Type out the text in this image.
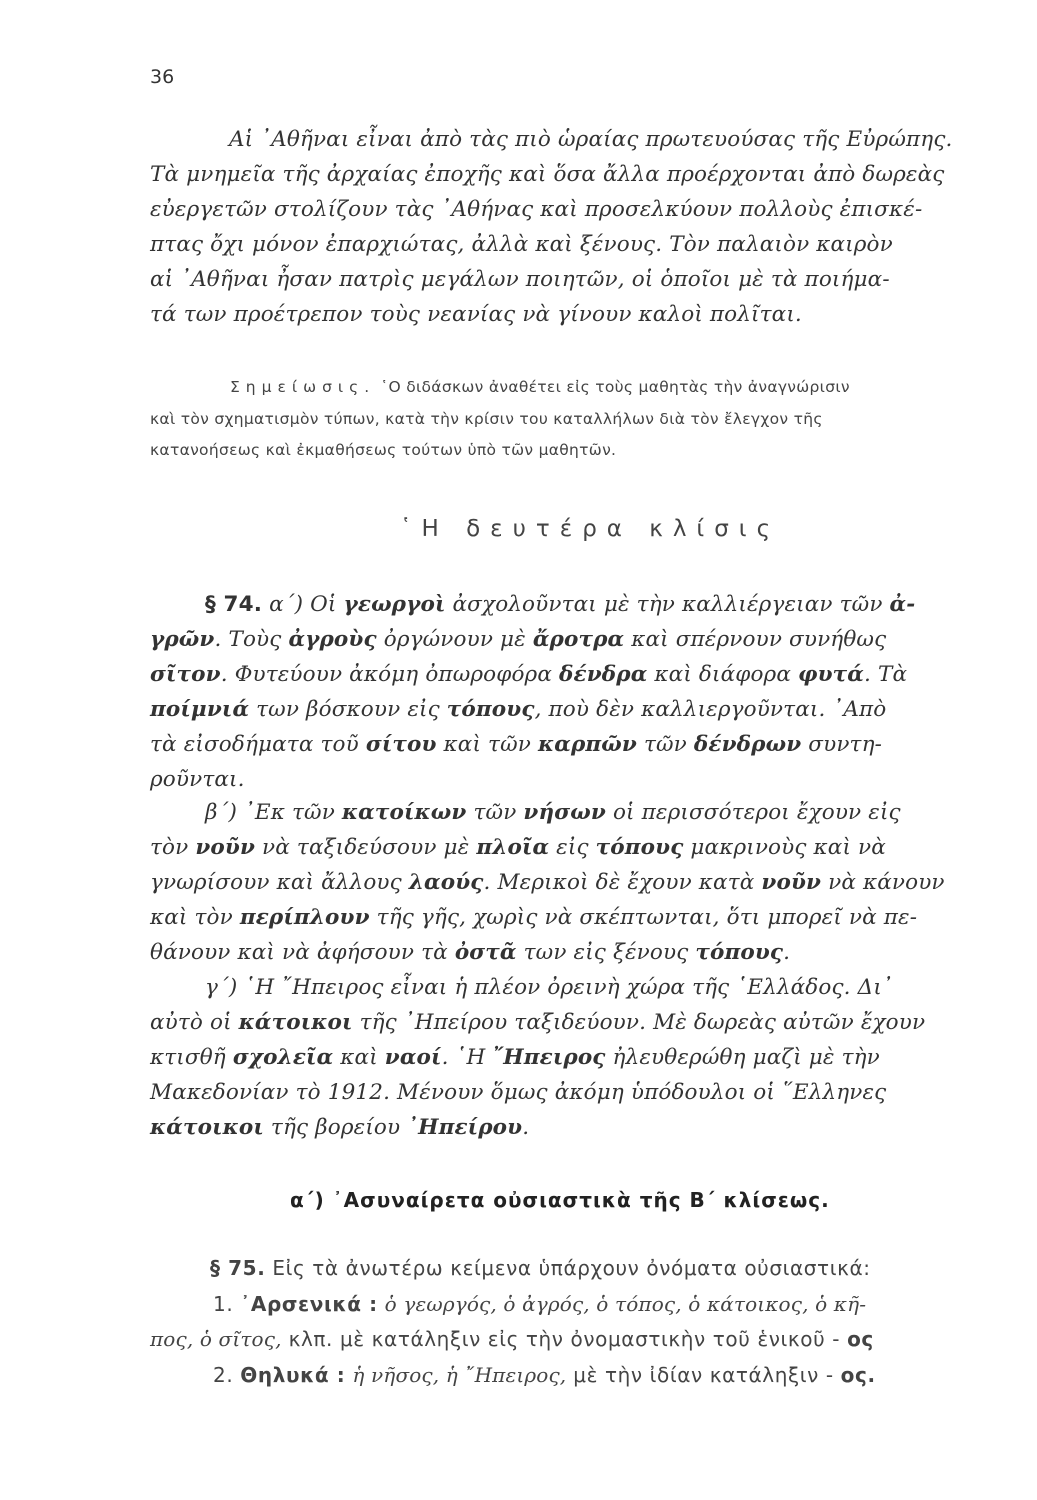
36
Αἱ ᾿Αθῆναι εἶναι ἀπὸ τὰς πιὸ ὡραίας πρωτευούσας τῆς Εὐρώπης.
Τὰ μνημεῖα τῆς ἀρχαίας ἐποχῆς καὶ ὅσα ἄλλα προέρχονται ἀπὸ δωρεὰς
εὐεργετῶν στολίζουν τὰς ᾿Αθήνας καὶ προσελκύουν πολλοὺς ἐπισκέ-
πτας ὄχι μόνον ἐπαρχιώτας, ἀλλὰ καὶ ξένους. Τὸν παλαιὸν καιρὸν
αἱ ᾿Αθῆναι ἦσαν πατρὶς μεγάλων ποιητῶν, οἱ ὁποῖοι μὲ τὰ ποιήμα-
τά των προέτρεπον τοὺς νεανίας νὰ γίνουν καλοὶ πολῖται.
Σημείωσις. ῾Ο διδάσκων ἀναθέτει εἰς τοὺς μαθητὰς τὴν ἀναγνώρισιν
καὶ τὸν σχηματισμὸν τύπων, κατὰ τὴν κρίσιν του καταλλήλων διὰ τὸν ἔλεγχον τῆς
κατανοήσεως καὶ ἐκμαθήσεως τούτων ὑπὸ τῶν μαθητῶν.
῾Η δευτέρα κλίσις
§ 74. α΄) Οἱ γεωργοὶ ἀσχολοῦνται μὲ τὴν καλλιέργειαν τῶν ἀ-
γρῶν. Τοὺς ἀγροὺς ὀργώνουν μὲ ἄροτρα καὶ σπέρνουν συνήθως
σῖτον. Φυτεύουν ἀκόμη ὀπωροφόρα δένδρα καὶ διάφορα φυτά. Τὰ
ποίμνιά των βόσκουν εἰς τόπους, ποὺ δὲν καλλιεργοῦνται. ᾿Απὸ
τὰ εἰσοδήματα τοῦ σίτου καὶ τῶν καρπῶν τῶν δένδρων συντη-
ροῦνται.
β΄) ᾿Εκ τῶν κατοίκων τῶν νήσων οἱ περισσότεροι ἔχουν εἰς
τὸν νοῦν νὰ ταξιδεύσουν μὲ πλοῖα εἰς τόπους μακρινοὺς καὶ νὰ
γνωρίσουν καὶ ἄλλους λαούς. Μερικοὶ δὲ ἔχουν κατὰ νοῦν νὰ κάνουν
καὶ τὸν περίπλουν τῆς γῆς, χωρὶς νὰ σκέπτωνται, ὅτι μπορεῖ νὰ πε-
θάνουν καὶ νὰ ἀφήσουν τὰ ὀστᾶ των εἰς ξένους τόπους.
γ΄) ῾Η ῎Ηπειρος εἶναι ἡ πλέον ὀρεινὴ χώρα τῆς ῾Ελλάδος. Δι᾿
αὐτὸ οἱ κάτοικοι τῆς ᾿Ηπείρου ταξιδεύουν. Μὲ δωρεὰς αὐτῶν ἔχουν
κτισθῆ σχολεῖα καὶ ναοί. ῾Η ῎Ηπειρος ἠλευθερώθη μαζὶ μὲ τὴν
Μακεδονίαν τὸ 1912. Μένουν ὅμως ἀκόμη ὑπόδουλοι οἱ ῞Ελληνες
κάτοικοι τῆς βορείου ᾿Ηπείρου.
α΄) ᾿Ασυναίρετα οὐσιαστικὰ τῆς Β΄ κλίσεως.
§ 75. Εἰς τὰ ἀνωτέρω κείμενα ὑπάρχουν ὀνόματα οὐσιαστικά:
1. ᾿Αρσενικά : ὁ γεωργός, ὁ ἀγρός, ὁ τόπος, ὁ κάτοικος, ὁ κῆ-
πος, ὁ σῖτος, κλπ. μὲ κατάληξιν εἰς τὴν ὀνομαστικὴν τοῦ ἑνικοῦ - ος
2. Θηλυκά : ἡ νῆσος, ἡ ῎Ηπειρος, μὲ τὴν ἰδίαν κατάληξιν - ος.
